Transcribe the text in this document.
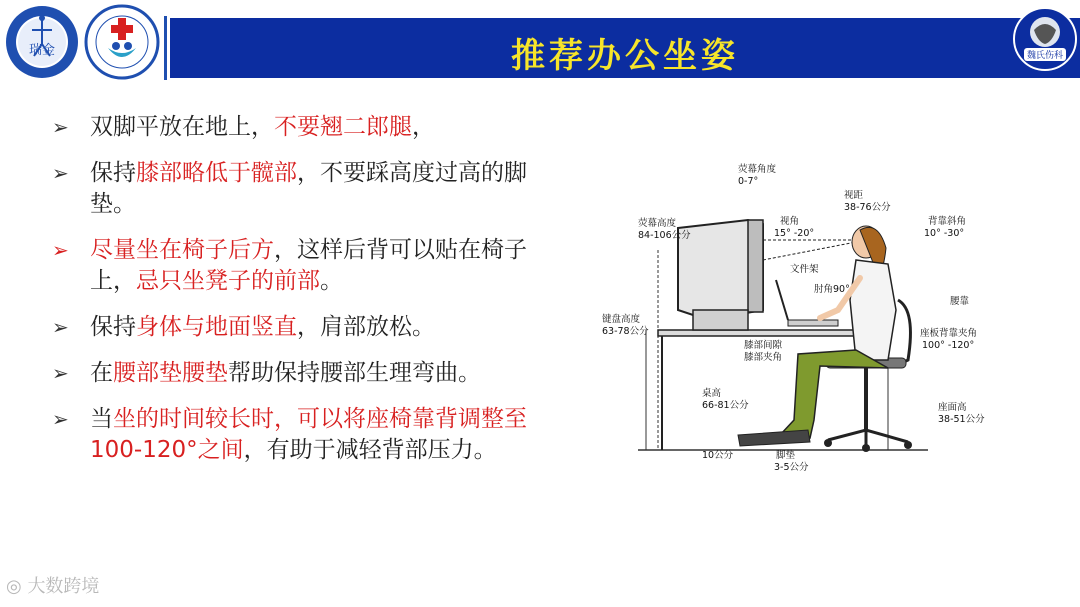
瑞金	推荐办公坐姿	魏氏伤科
➢ 双脚平放在地上，不要翘二郎腿，
➢ 保持膝部略低于髋部，不要踩高度过高的脚垫。
➢ 尽量坐在椅子后方，这样后背可以贴在椅子上，忌只坐凳子的前部。
➢ 保持身体与地面竖直，肩部放松。
➢ 在腰部垫腰垫帮助保持腰部生理弯曲。
➢ 当坐的时间较长时，可以将座椅靠背调整至100-120°之间，有助于减轻背部压力。
荧幕角度
0-7°
视距
38-76公分
视角
15° -20°
背靠斜角
10° -30°
荧幕高度
84-106公分
文件架
肘角90°
腰靠
键盘高度
63-78公分	座板背靠夹角
100° -120°
膝部间隙
膝部夹角
桌高
66-81公分	座面高
38-51公分
10公分	脚垫
3-5公分
◎ 大数跨境
